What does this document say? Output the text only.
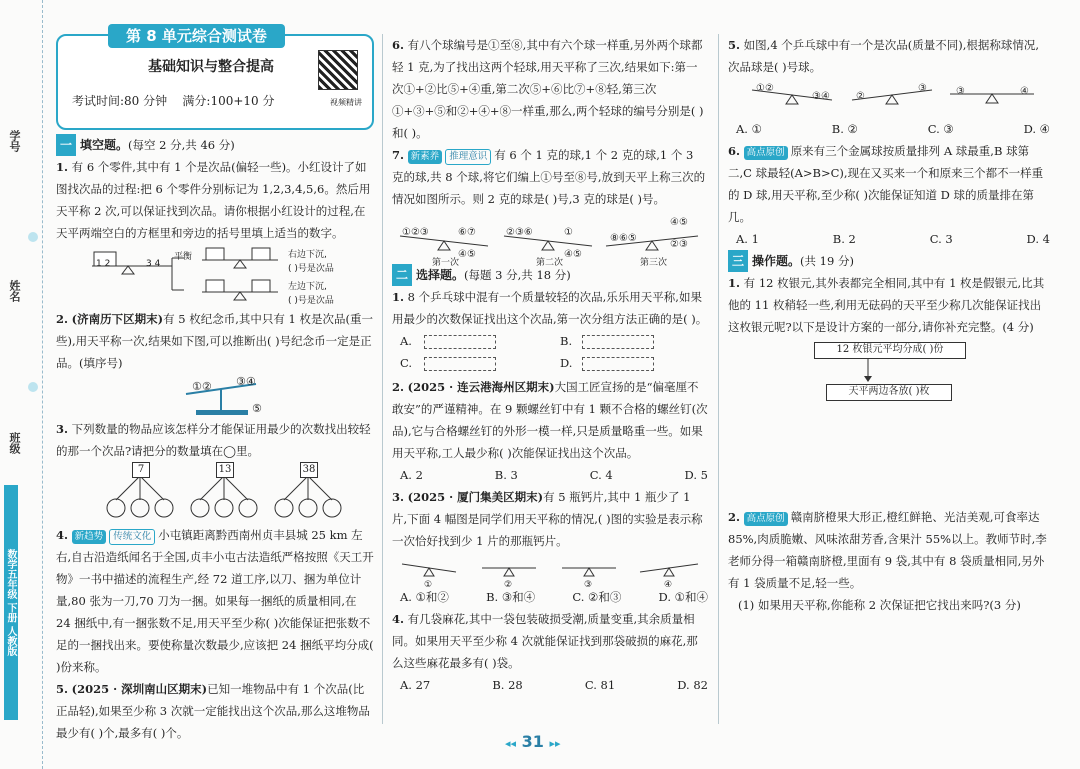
学号
姓名
班级
数学五年级 下册 人教版
第 8 单元综合测试卷
基础知识与整合提高
考试时间:80 分钟 满分:100+10 分	视频精讲
一 填空题。(每空 2 分,共 46 分)

1. 有 6 个零件,其中有 1 个是次品(偏轻一些)。小红设计了如图找次品的过程:把 6 个零件分别标记为 1,2,3,4,5,6。然后用天平称 2 次,可以保证找到次品。请你根据小红设计的过程,在天平两端空白的方框里和旁边的括号里填上适当的数字。

1 2	3 4
平衡	右边下沉,
( )号是次品
左边下沉,
( )号是次品

2. (济南历下区期末)有 5 枚纪念币,其中只有 1 枚是次品(重一些),用天平称一次,结果如下图,可以推断出( )号纪念币一定是正品。(填序号)

①② ③④
⑤

3. 下列数量的物品应该怎样分才能保证用最少的次数找出较轻的那一个次品?请把分的数量填在◯里。

7	13	38

4. 新趋势 传统文化 小屯镇距离黔西南州贞丰县城 25 km 左右,自古沿造纸闻名于全国,贞丰小屯古法造纸严格按照《天工开物》一书中描述的流程生产,经 72 道工序,以刀、捆为单位计量,80 张为一刀,70 刀为一捆。如果每一捆纸的质量相同,在 24 捆纸中,有一捆张数不足,用天平至少称( )次能保证把张数不足的一捆找出来。要使称量次数最少,应该把 24 捆纸平均分成( )份来称。

5. (2025 · 深圳南山区期末)已知一堆物品中有 1 个次品(比正品轻),如果至少称 3 次就一定能找出这个次品,那么这堆物品最少有( )个,最多有( )个。

6. 有八个球编号是①至⑧,其中有六个球一样重,另外两个球都轻 1 克,为了找出这两个轻球,用天平称了三次,结果如下:第一次①+②比⑤+④重,第二次⑤+⑥比⑦+⑧轻,第三次①+③+⑤和②+④+⑧一样重,那么,两个轻球的编号分别是( )和( )。

7. 新素养 推理意识 有 6 个 1 克的球,1 个 2 克的球,1 个 3 克的球,共 8 个球,将它们编上①号至⑧号,放到天平上称三次的情况如图所示。则 2 克的球是( )号,3 克的球是( )号。

①②③	⑥⑦ ④⑤
第一次
②③⑥	① ④⑤
第二次
⑧⑥⑤
④⑤ ②③
第三次
二 选择题。(每题 3 分,共 18 分)

1. 8 个乒乓球中混有一个质量较轻的次品,乐乐用天平称,如果用最少的次数保证找出这个次品,第一次分组方法正确的是( )。

A.	B.
C.	D.

2. (2025 · 连云港海州区期末)大国工匠宣扬的是“偏毫厘不敢安”的严谨精神。在 9 颗螺丝钉中有 1 颗不合格的螺丝钉(次品),它与合格螺丝钉的外形一模一样,只是质量略重一些。如果用天平称,工人最少称( )次能保证找出这个次品。

A. 2	B. 3	C. 4	D. 5

3. (2025 · 厦门集美区期末)有 5 瓶钙片,其中 1 瓶少了 1 片,下面 4 幅图是同学们用天平称的情况,( )图的实验是表示称一次恰好找到少 1 片的那瓶钙片。

①	②	③	④
A. ①和②	B. ③和④	C. ②和③	D. ①和④

4. 有几袋麻花,其中一袋包装破损受潮,质量变重,其余质量相同。如果用天平至少称 4 次就能保证找到那袋破损的麻花,那么这些麻花最多有( )袋。

A. 27	B. 28	C. 81	D. 82

5. 如图,4 个乒乓球中有一个是次品(质量不同),根据称球情况,次品球是( )号球。

①②
③④	②
③	③	④
A. ①	B. ②	C. ③	D. ④

6. 高点原创 原来有三个金属球按质量排列 A 球最重,B 球第二,C 球最轻(A>B>C),现在又买来一个和原来三个都不一样重的 D 球,用天平称,至少称( )次能保证知道 D 球的质量排在第几。

A. 1	B. 2	C. 3	D. 4
三 操作题。(共 19 分)

1. 有 12 枚银元,其外表都完全相同,其中有 1 枚是假银元,比其他的 11 枚稍轻一些,利用无砝码的天平至少称几次能保证找出这枚银元呢?以下是设计方案的一部分,请你补充完整。(4 分)

12 枚银元平均分成( )份
天平两边各放( )枚

2. 高点原创 赣南脐橙果大形正,橙红鲜艳、光洁美观,可食率达 85%,肉质脆嫩、风味浓甜芳香,含果汁 55%以上。教师节时,李老师分得一箱赣南脐橙,里面有 9 袋,其中有 8 袋质量相同,另外有 1 袋质量不足,轻一些。

(1) 如果用天平称,你能称 2 次保证把它找出来吗?(3 分)

◂◂ 31 ▸▸
